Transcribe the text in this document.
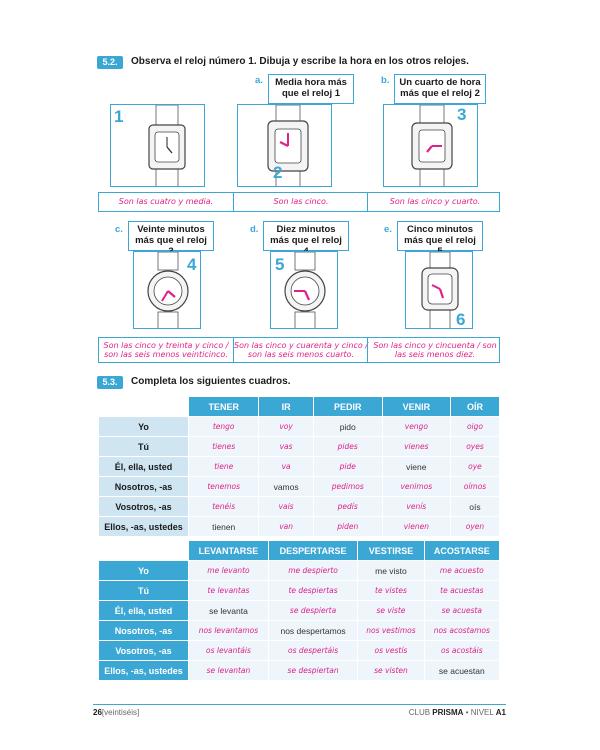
5.2.	Observa el reloj número 1. Dibuja y escribe la hora en los otros relojes.
a.	Media hora más que el reloj 1
b.	Un cuarto de hora más que el reloj 2
1
2
3
Son las cuatro y media.	Son las cinco.	Son las cinco y cuarto.
c.	Veinte minutos más que el reloj
d.	Diez minutos más que el reloj
e.	Cinco minutos más que el reloj
4	5
6
Son las cinco y treinta y cinco / son las seis menos veinticinco.
Son las cinco y cuarenta y cinco / son las seis menos cuarto.
Son las cinco y cincuenta / son las seis menos diez.
5.3.	Completa los siguientes cuadros.
	TENER	IR	PEDIR	VENIR	OÍR
Yo	tengo	voy	pido	vengo	oigo
Tú	tienes	vas	pides	vienes	oyes
Él, ella, usted	tiene	va	pide	viene	oye
Nosotros, -as	tenemos	vamos	pedimos	venimos	oímos
Vosotros, -as	tenéis	vais	pedís	venís	oís
Ellos, -as, ustedes	tienen	van	piden	vienen	oyen
	LEVANTARSE	DESPERTARSE	VESTIRSE	ACOSTARSE
Yo	me levanto	me despierto	me visto	me acuesto
Tú	te levantas	te despiertas	te vistes	te acuestas
Él, ella, usted	se levanta	se despierta	se viste	se acuesta
Nosotros, -as	nos levantamos	nos despertamos	nos vestimos	nos acostamos
Vosotros, -as	os levantáis	os despertáis	os vestís	os acostáis
Ellos, -as, ustedes	se levantan	se despiertan	se visten	se acuestan
26[veintiséis]	CLUB PRISMA • NIVEL A1
